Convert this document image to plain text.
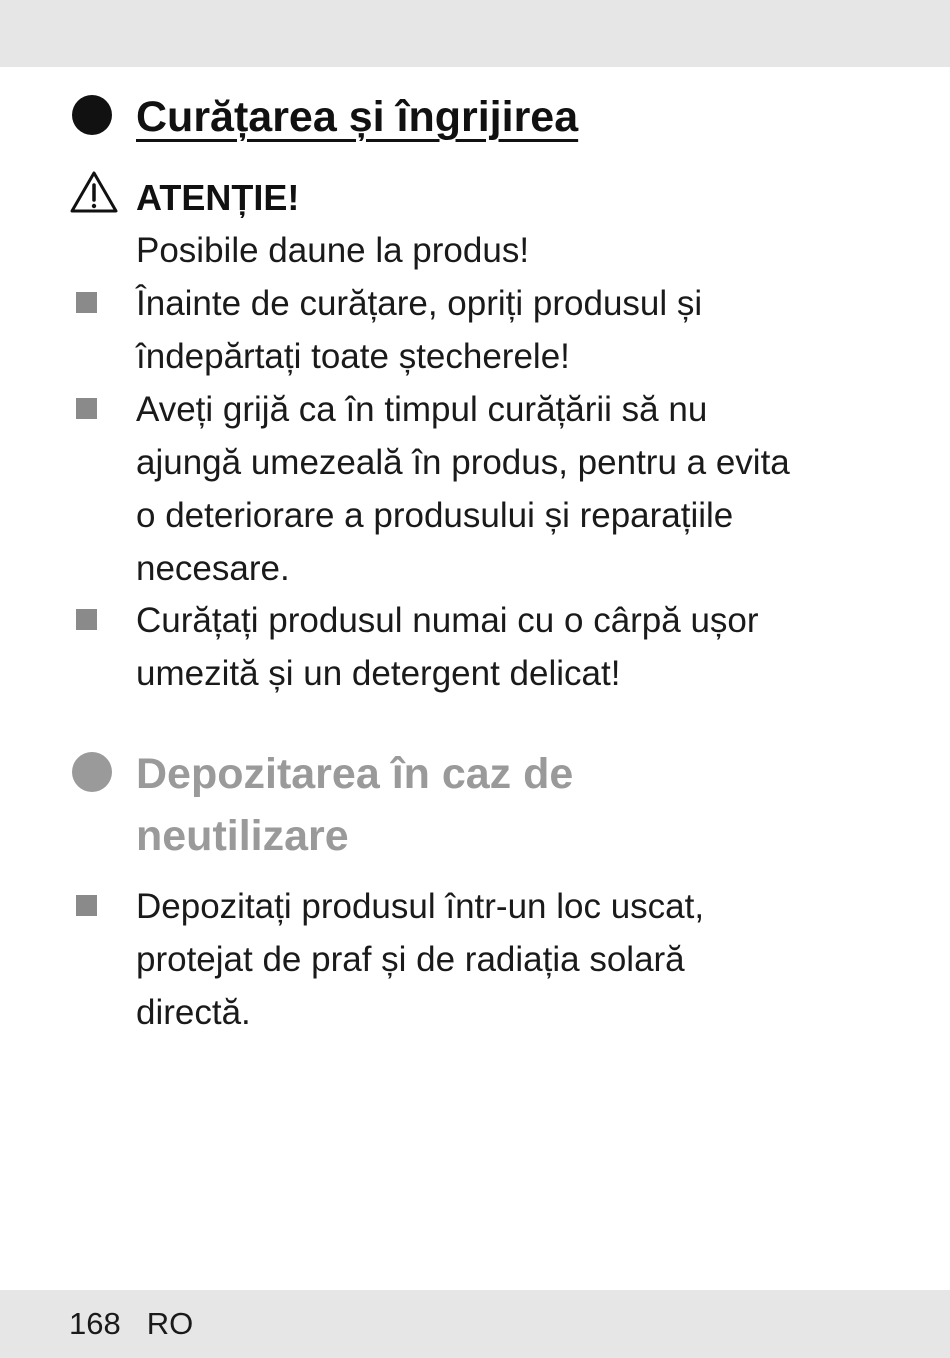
Curățarea și îngrijirea
ATENȚIE!
Posibile daune la produs!
Înainte de curățare, opriți produsul și
îndepărtați toate ștecherele!
Aveți grijă ca în timpul curățării să nu
ajungă umezeală în produs, pentru a evita
o deteriorare a produsului și reparațiile
necesare.
Curățați produsul numai cu o cârpă ușor
umezită și un detergent delicat!
Depozitarea în caz de
neutilizare
Depozitați produsul într-un loc uscat,
protejat de praf și de radiația solară
directă.
168 RO
